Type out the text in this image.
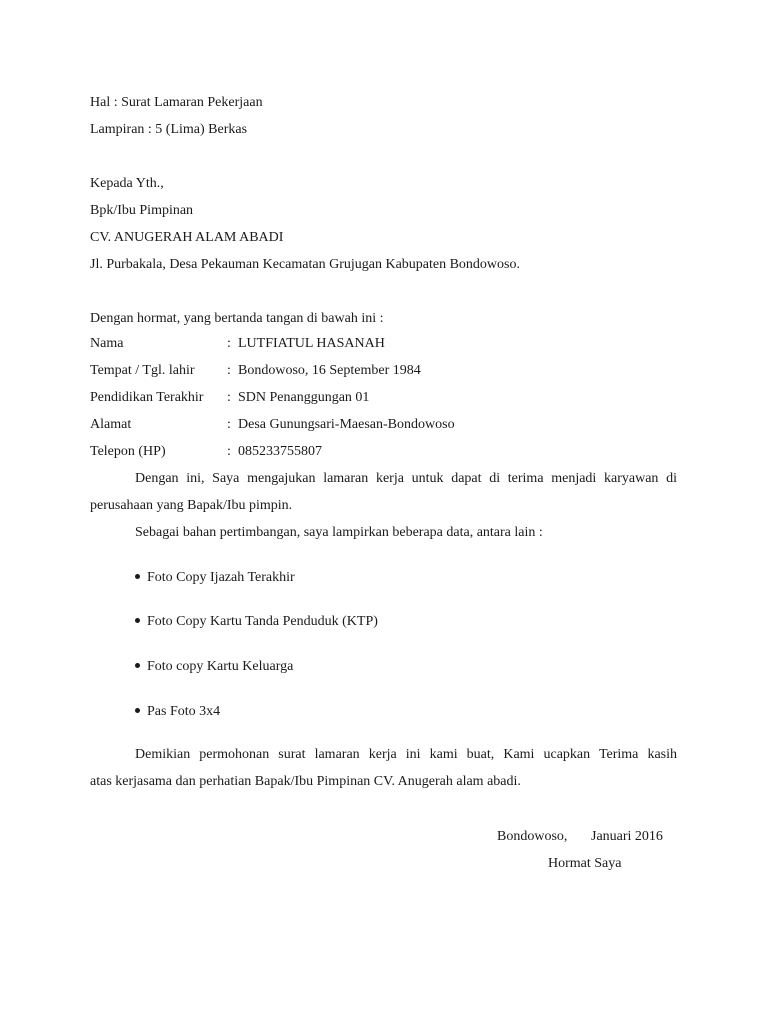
Hal : Surat Lamaran Pekerjaan
Lampiran : 5 (Lima) Berkas
Kepada Yth.,
Bpk/Ibu Pimpinan
CV. ANUGERAH ALAM ABADI
Jl. Purbakala, Desa Pekauman Kecamatan Grujugan Kabupaten Bondowoso.
Dengan hormat, yang bertanda tangan di bawah ini :
Nama	: LUTFIATUL HASANAH
Tempat / Tgl. lahir : Bondowoso, 16 September 1984
Pendidikan Terakhir : SDN Penanggungan 01
Alamat	: Desa Gunungsari-Maesan-Bondowoso
Telepon (HP)	: 085233755807
Dengan ini, Saya mengajukan lamaran kerja untuk dapat di terima menjadi karyawan di
perusahaan yang Bapak/Ibu pimpin.
Sebagai bahan pertimbangan, saya lampirkan beberapa data, antara lain :
Foto Copy Ijazah Terakhir
Foto Copy Kartu Tanda Penduduk (KTP)
Foto copy Kartu Keluarga
Pas Foto 3x4
Demikian permohonan surat lamaran kerja ini kami buat, Kami ucapkan Terima kasih
atas kerjasama dan perhatian Bapak/Ibu Pimpinan CV. Anugerah alam abadi.
Bondowoso, Januari 2016
Hormat Saya
